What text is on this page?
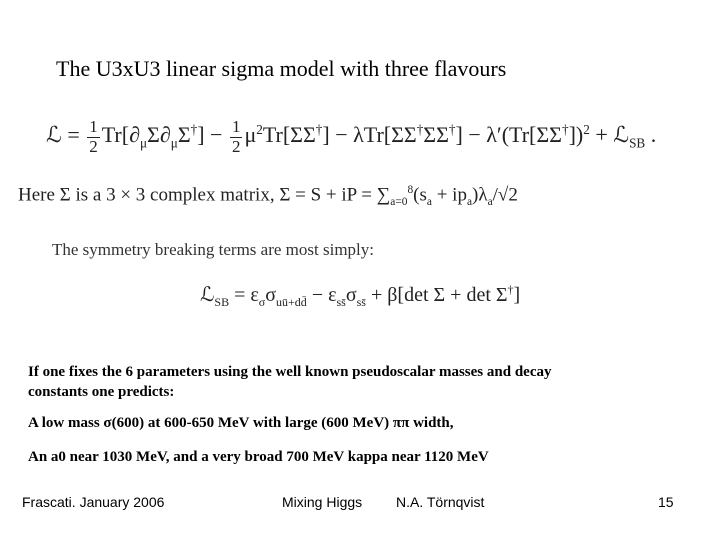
The U3xU3 linear sigma model with three flavours
ℒ = $\frac{1}{2} Tr[\partial_\mu\Sigma\partial_\mu\Sigma^\dagger] - \frac{1}{2} \mu^2Tr[\Sigma\Sigma^\dagger] - \lambda Tr[\Sigma\Sigma^\dagger\Sigma\Sigma^\dagger] - \lambda'(Tr[\Sigma\Sigma^\dagger])^2$ + ℒ$_{SB}$ .
Here Σ is a 3 × 3 complex matrix, Σ = S + iP = $\sum_{a=0}^8(s_a + ip_a)\lambda_a/√2$
The symmetry breaking terms are most simply:
ℒ$_{SB}$ = $\varepsilon_\sigma\sigma_{uū+dd̄} - \varepsilon_{ss̄}\sigma_{ss̄} + \beta[\det$ Σ + det Σ†]
If one fixes the 6 parameters using the well known pseudoscalar masses and decay
constants one predicts:
A low mass σ(600) at 600-650 MeV with large (600 MeV) ππ width,
An a0 near 1030 MeV, and a very broad 700 MeV kappa near 1120 MeV
Frascati. January 2006	Mixing Higgs N.A. Törnqvist	15
